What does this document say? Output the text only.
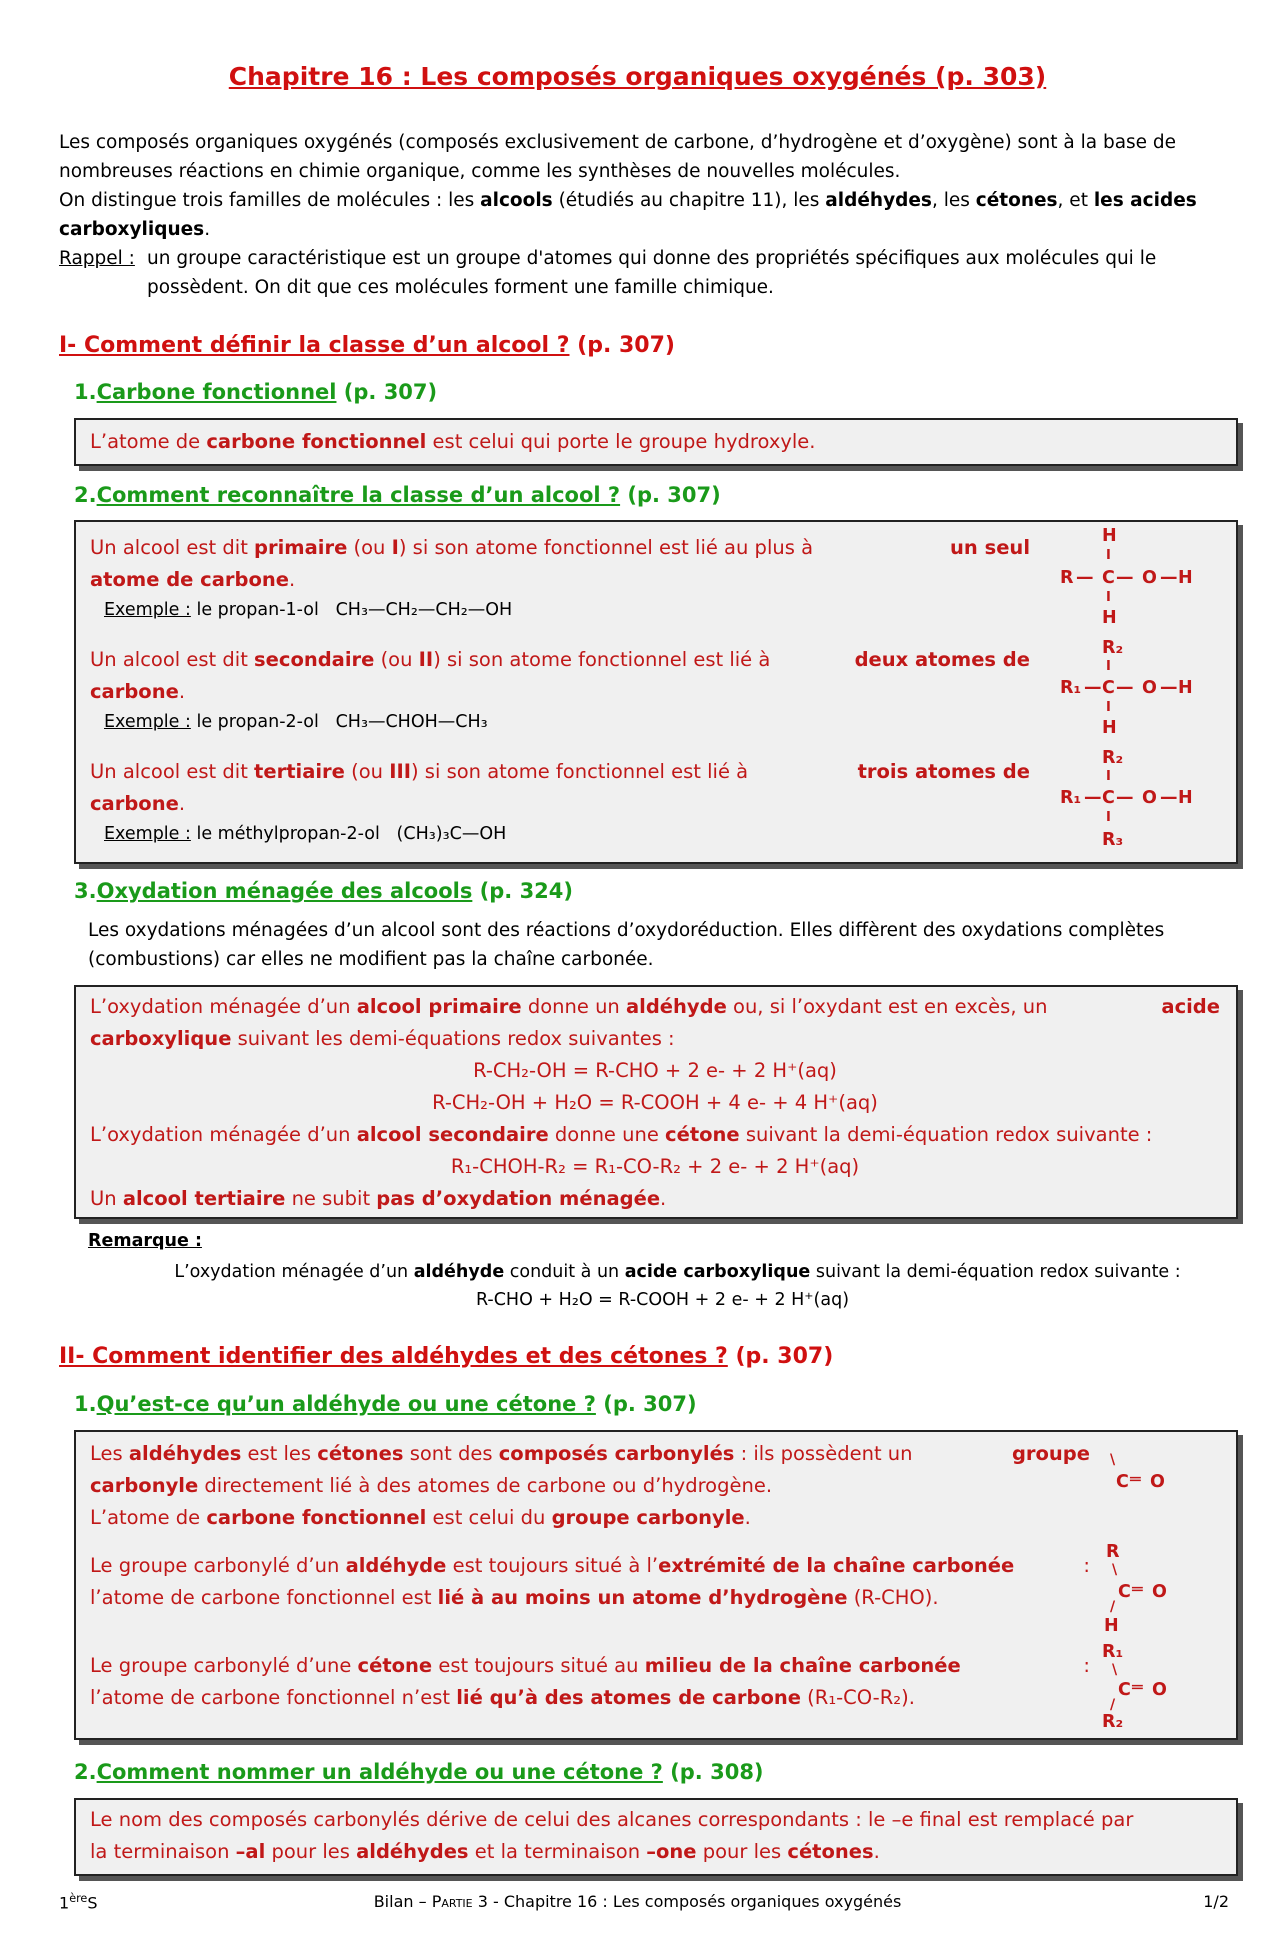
Chapitre 16 : Les composés organiques oxygénés (p. 303)
Les composés organiques oxygénés (composés exclusivement de carbone, d’hydrogène et d’oxygène) sont à la base de
nombreuses réactions en chimie organique, comme les synthèses de nouvelles molécules.
On distingue trois familles de molécules : les alcools (étudiés au chapitre 11), les aldéhydes, les cétones, et les acides
carboxyliques.
Rappel : un groupe caractéristique est un groupe d'atomes qui donne des propriétés spécifiques aux molécules qui le
possèdent. On dit que ces molécules forment une famille chimique.
I- Comment définir la classe d’un alcool ? (p. 307)
1.Carbone fonctionnel (p. 307)
L’atome de carbone fonctionnel est celui qui porte le groupe hydroxyle.
2.Comment reconnaître la classe d’un alcool ? (p. 307)
Un alcool est dit primaire (ou I) si son atome fonctionnel est lié au plus à	un seul
atome de carbone.
Exemple : le propan-1-ol CH₃—CH₂—CH₂—OH
Un alcool est dit secondaire (ou II) si son atome fonctionnel est lié à	deux atomes de
carbone.
Exemple : le propan-2-ol CH₃—CHOH—CH₃
Un alcool est dit tertiaire (ou III) si son atome fonctionnel est lié à	trois atomes de
carbone.
Exemple : le méthylpropan-2-ol (CH₃)₃C—OH
H
I
R — C — O — H
I
H
R₂
I
R₁ — C — O — H
I
H
R₂
I
R₁ — C — O — H
I
R₃
3.Oxydation ménagée des alcools (p. 324)
Les oxydations ménagées d’un alcool sont des réactions d’oxydoréduction. Elles diffèrent des oxydations complètes
(combustions) car elles ne modifient pas la chaîne carbonée.
L’oxydation ménagée d’un alcool primaire donne un aldéhyde ou, si l’oxydant est en excès, un	acide
carboxylique suivant les demi-équations redox suivantes :
R-CH₂-OH = R-CHO + 2 e- + 2 H⁺(aq)
R-CH₂-OH + H₂O = R-COOH + 4 e- + 4 H⁺(aq)
L’oxydation ménagée d’un alcool secondaire donne une cétone suivant la demi-équation redox suivante :
R₁-CHOH-R₂ = R₁-CO-R₂ + 2 e- + 2 H⁺(aq)
Un alcool tertiaire ne subit pas d’oxydation ménagée.
Remarque :
L’oxydation ménagée d’un aldéhyde conduit à un acide carboxylique suivant la demi-équation redox suivante :
R-CHO + H₂O = R-COOH + 2 e- + 2 H⁺(aq)
II- Comment identifier des aldéhydes et des cétones ? (p. 307)
1.Qu’est-ce qu’un aldéhyde ou une cétone ? (p. 307)
Les aldéhydes est les cétones sont des composés carbonylés : ils possèdent un	groupe
carbonyle directement lié à des atomes de carbone ou d’hydrogène.
L’atome de carbone fonctionnel est celui du groupe carbonyle.
Le groupe carbonylé d’un aldéhyde est toujours situé à l’extrémité de la chaîne carbonée	:
l’atome de carbone fonctionnel est lié à au moins un atome d’hydrogène (R-CHO).
Le groupe carbonylé d’une cétone est toujours situé au milieu de la chaîne carbonée	:
l’atome de carbone fonctionnel n’est lié qu’à des atomes de carbone (R₁-CO-R₂).
\
C ═ O
R
\
C ═ O
/
H
R₁
\
C ═ O
/
R₂
2.Comment nommer un aldéhyde ou une cétone ? (p. 308)
Le nom des composés carbonylés dérive de celui des alcanes correspondants : le –e final est remplacé par
la terminaison –al pour les aldéhydes et la terminaison –one pour les cétones.
1èreS	Bilan – Partie 3 - Chapitre 16 : Les composés organiques oxygénés	1/2
